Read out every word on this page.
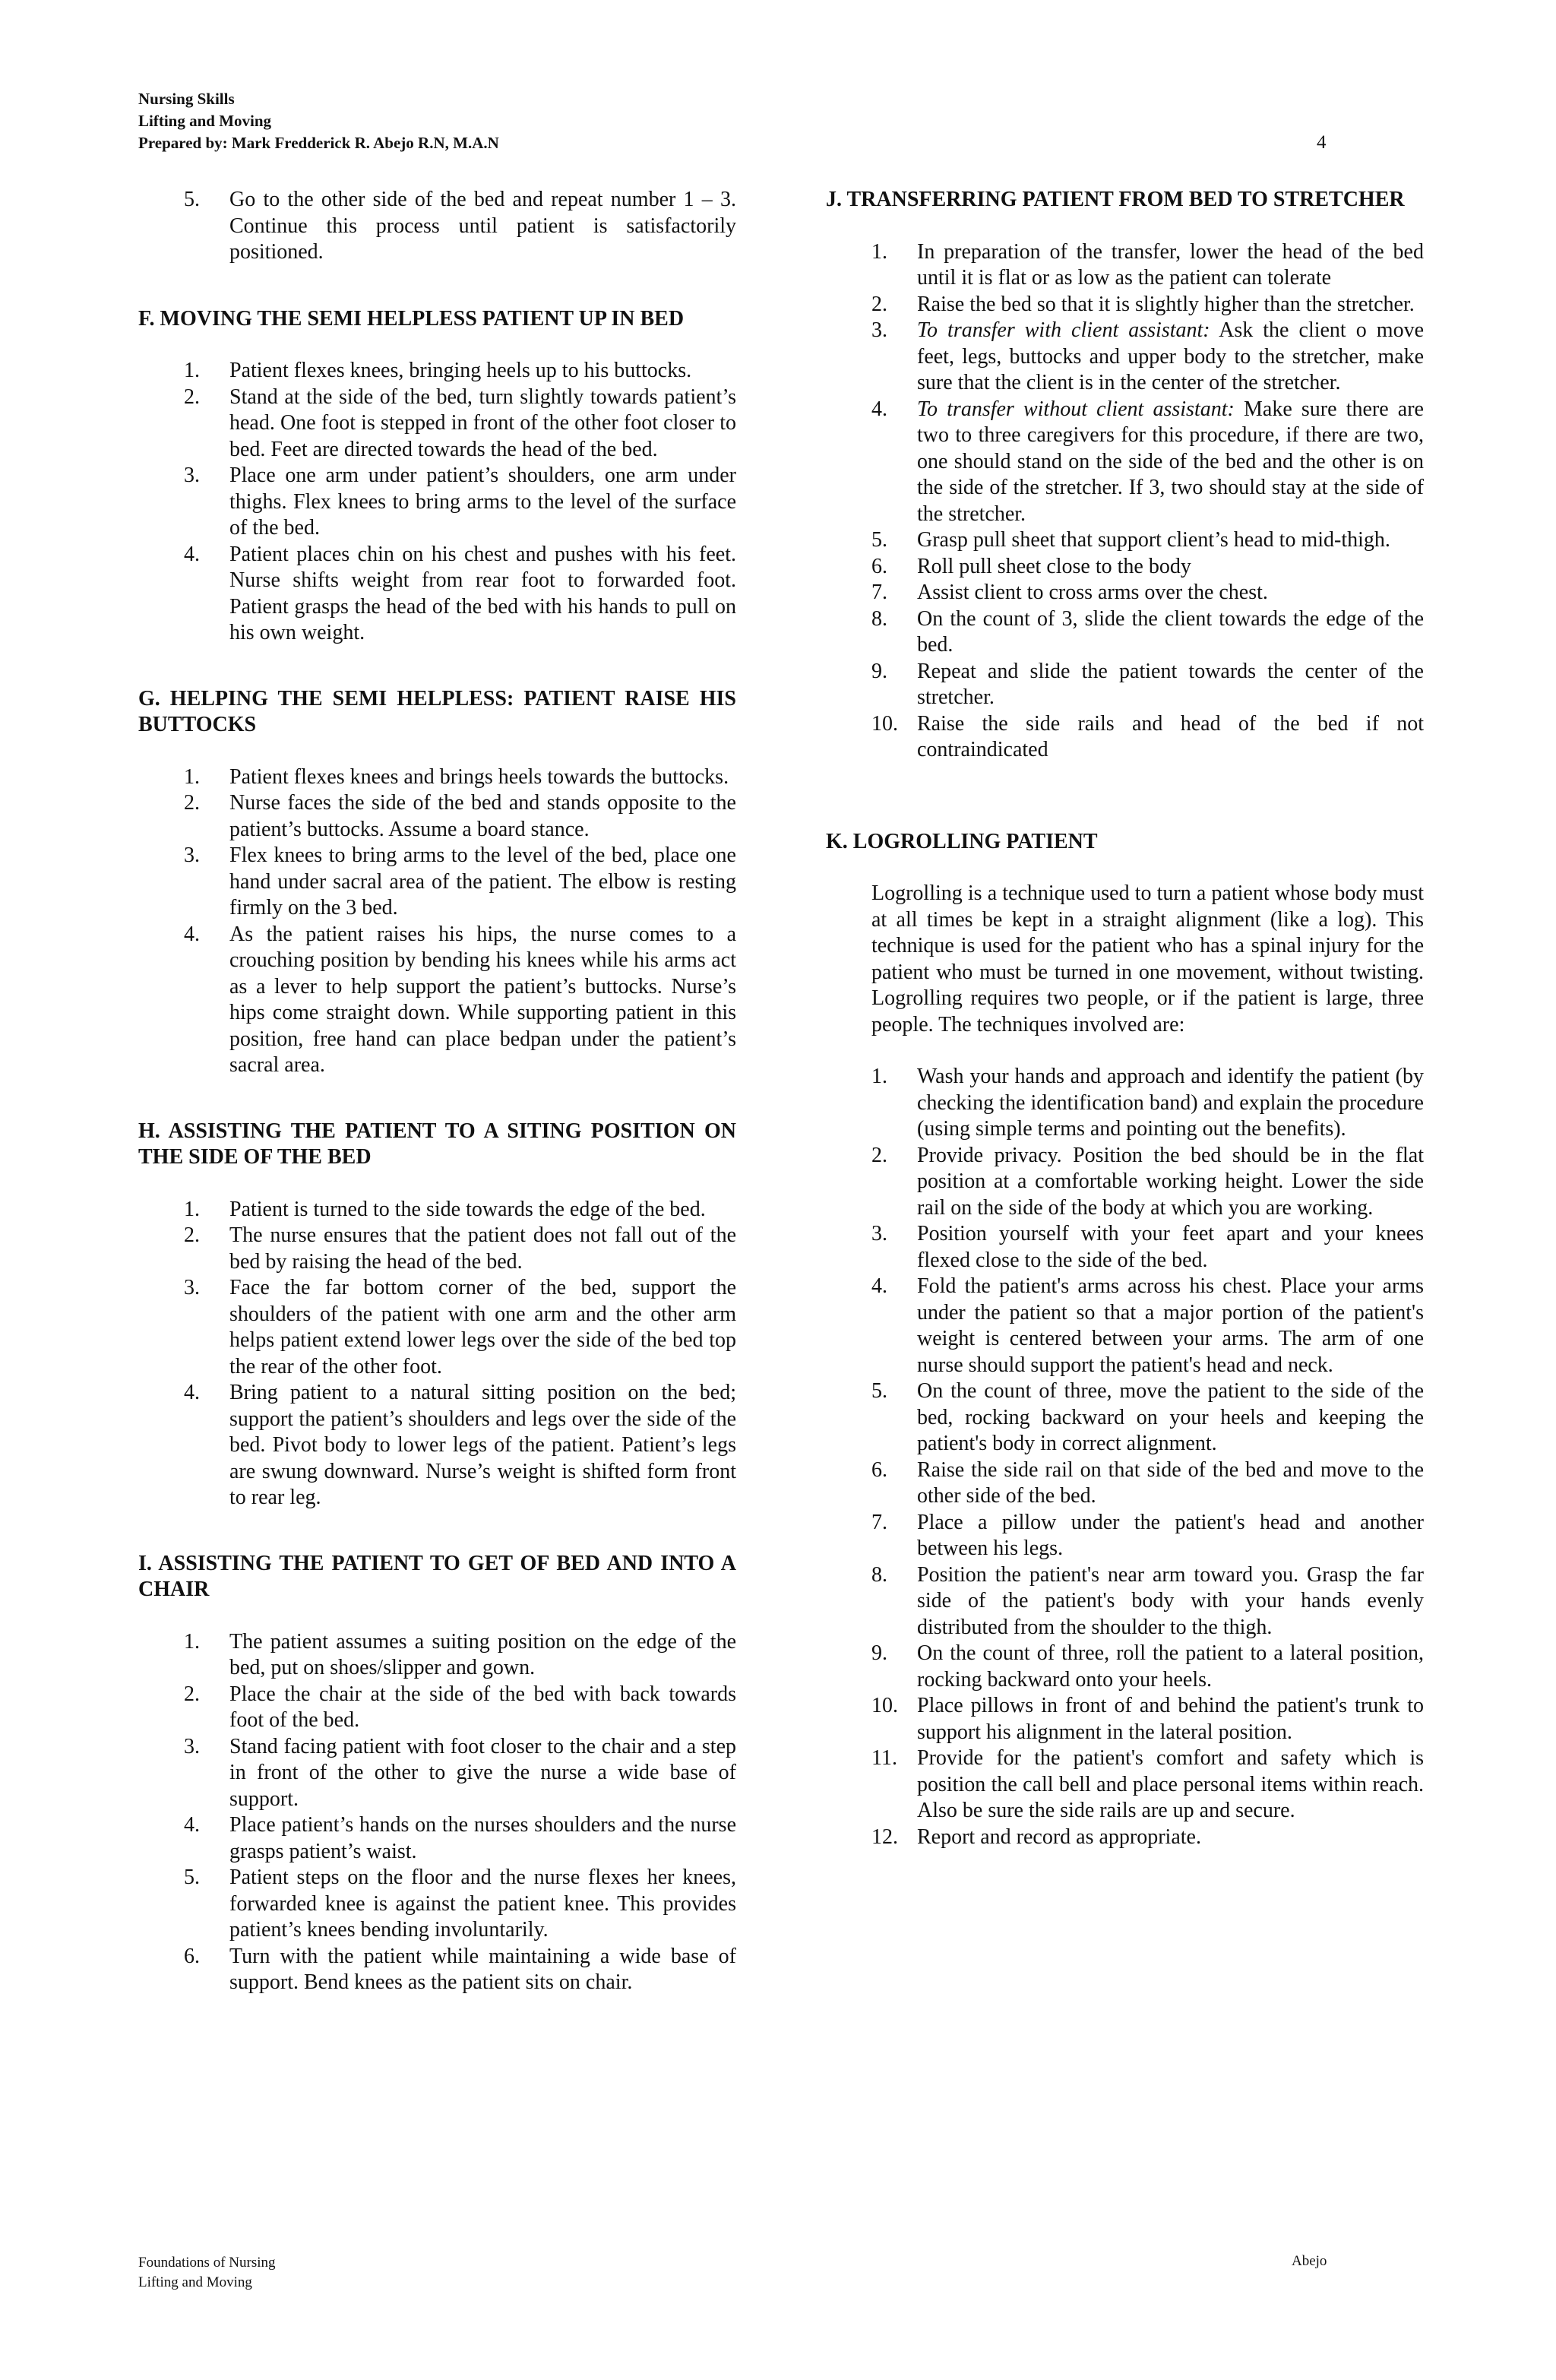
Nursing Skills
Lifting and Moving
Prepared by: Mark Fredderick R. Abejo R.N, M.A.N	4
5. Go to the other side of the bed and repeat number 1 – 3. Continue this process until patient is satisfactorily positioned.

F. MOVING THE SEMI HELPLESS PATIENT UP IN BED

1. Patient flexes knees, bringing heels up to his buttocks.
2. Stand at the side of the bed, turn slightly towards patient’s head. One foot is stepped in front of the other foot closer to bed. Feet are directed towards the head of the bed.
3. Place one arm under patient’s shoulders, one arm under thighs. Flex knees to bring arms to the level of the surface of the bed.
4. Patient places chin on his chest and pushes with his feet. Nurse shifts weight from rear foot to forwarded foot. Patient grasps the head of the bed with his hands to pull on his own weight.

G. HELPING THE SEMI HELPLESS: PATIENT RAISE HIS BUTTOCKS

1. Patient flexes knees and brings heels towards the buttocks.
2. Nurse faces the side of the bed and stands opposite to the patient’s buttocks. Assume a board stance.
3. Flex knees to bring arms to the level of the bed, place one hand under sacral area of the patient. The elbow is resting firmly on the 3 bed.
4. As the patient raises his hips, the nurse comes to a crouching position by bending his knees while his arms act as a lever to help support the patient’s buttocks. Nurse’s hips come straight down. While supporting patient in this position, free hand can place bedpan under the patient’s sacral area.

H. ASSISTING THE PATIENT TO A SITING POSITION ON THE SIDE OF THE BED

1. Patient is turned to the side towards the edge of the bed.
2. The nurse ensures that the patient does not fall out of the bed by raising the head of the bed.
3. Face the far bottom corner of the bed, support the shoulders of the patient with one arm and the other arm helps patient extend lower legs over the side of the bed top the rear of the other foot.
4. Bring patient to a natural sitting position on the bed; support the patient’s shoulders and legs over the side of the bed. Pivot body to lower legs of the patient. Patient’s legs are swung downward. Nurse’s weight is shifted form front to rear leg.

I. ASSISTING THE PATIENT TO GET OF BED AND INTO A CHAIR

1. The patient assumes a suiting position on the edge of the bed, put on shoes/slipper and gown.
2. Place the chair at the side of the bed with back towards foot of the bed.
3. Stand facing patient with foot closer to the chair and a step in front of the other to give the nurse a wide base of support.
4. Place patient’s hands on the nurses shoulders and the nurse grasps patient’s waist.
5. Patient steps on the floor and the nurse flexes her knees, forwarded knee is against the patient knee. This provides patient’s knees bending involuntarily.
6. Turn with the patient while maintaining a wide base of support. Bend knees as the patient sits on chair.

J. TRANSFERRING PATIENT FROM BED TO STRETCHER

1. In preparation of the transfer, lower the head of the bed until it is flat or as low as the patient can tolerate
2. Raise the bed so that it is slightly higher than the stretcher.
3. To transfer with client assistant: Ask the client o move feet, legs, buttocks and upper body to the stretcher, make sure that the client is in the center of the stretcher.
4. To transfer without client assistant: Make sure there are two to three caregivers for this procedure, if there are two, one should stand on the side of the bed and the other is on the side of the stretcher. If 3, two should stay at the side of the stretcher.
5. Grasp pull sheet that support client’s head to mid-thigh.
6. Roll pull sheet close to the body
7. Assist client to cross arms over the chest.
8. On the count of 3, slide the client towards the edge of the bed.
9. Repeat and slide the patient towards the center of the stretcher.
10. Raise the side rails and head of the bed if not contraindicated

K. LOGROLLING PATIENT

Logrolling is a technique used to turn a patient whose body must at all times be kept in a straight alignment (like a log). This technique is used for the patient who has a spinal injury for the patient who must be turned in one movement, without twisting. Logrolling requires two people, or if the patient is large, three people. The techniques involved are:

1. Wash your hands and approach and identify the patient (by checking the identification band) and explain the procedure (using simple terms and pointing out the benefits).
2. Provide privacy. Position the bed should be in the flat position at a comfortable working height. Lower the side rail on the side of the body at which you are working.
3. Position yourself with your feet apart and your knees flexed close to the side of the bed.
4. Fold the patient's arms across his chest. Place your arms under the patient so that a major portion of the patient's weight is centered between your arms. The arm of one nurse should support the patient's head and neck.
5. On the count of three, move the patient to the side of the bed, rocking backward on your heels and keeping the patient's body in correct alignment.
6. Raise the side rail on that side of the bed and move to the other side of the bed.
7. Place a pillow under the patient's head and another between his legs.
8. Position the patient's near arm toward you. Grasp the far side of the patient's body with your hands evenly distributed from the shoulder to the thigh.
9. On the count of three, roll the patient to a lateral position, rocking backward onto your heels.
10. Place pillows in front of and behind the patient's trunk to support his alignment in the lateral position.
11. Provide for the patient's comfort and safety which is position the call bell and place personal items within reach. Also be sure the side rails are up and secure.
12. Report and record as appropriate.
Foundations of Nursing
Lifting and Moving
Abejo
